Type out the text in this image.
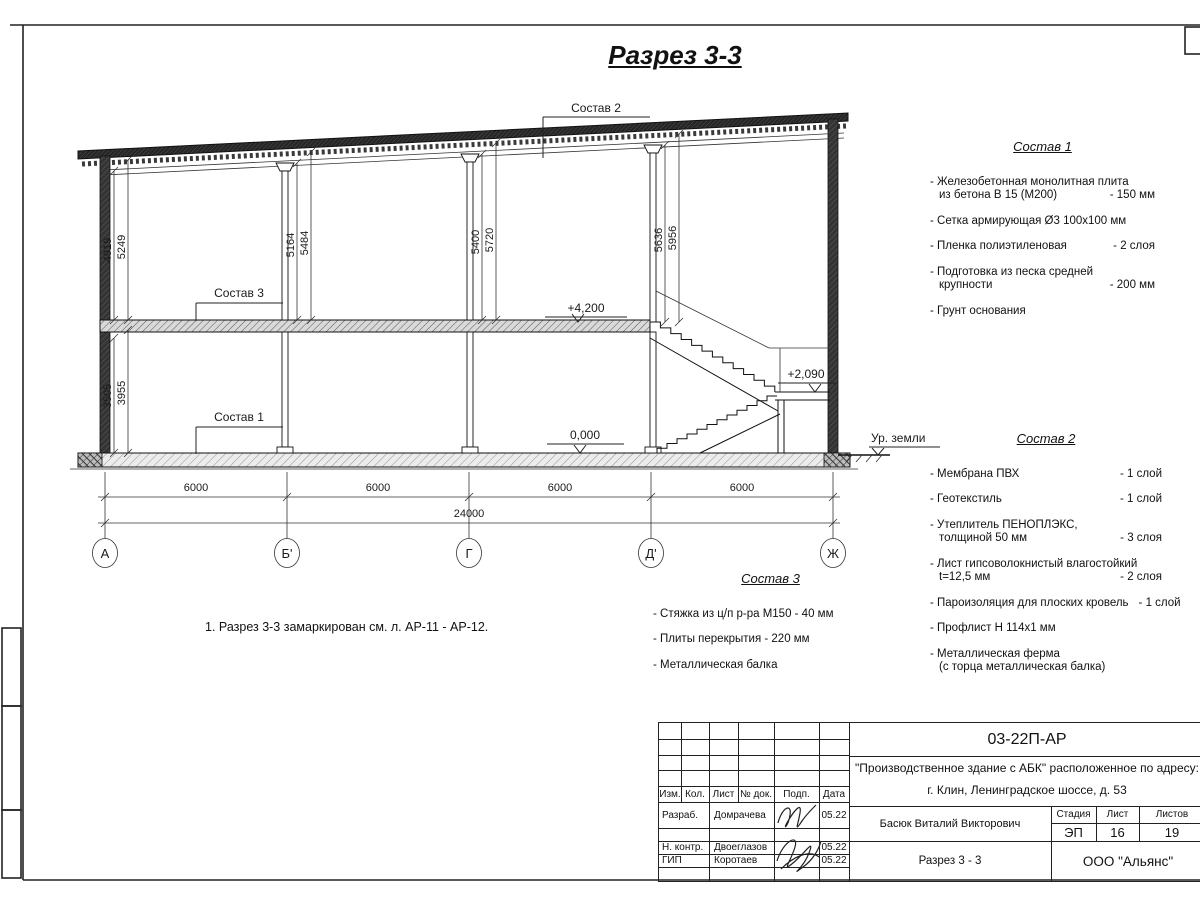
4919 5249
3505 3955
5164 5484	5400 5720	5636 5956
+4,200
0,000
+2,090
Ур. земли
Состав 2
Состав 3
Состав 1
6000	6000	6000	6000
24000
А	Б'	Г	Д'	Ж
Разрез 3-3
Состав 1
- Железобетонная монолитная плита
из бетона В 15 (М200)	- 150 мм
- Сетка армирующая Ø3 100х100 мм
- Пленка полиэтиленовая	- 2 слоя
- Подготовка из песка средней
крупности	- 200 мм
- Грунт основания
Состав 2
- Мембрана ПВХ	- 1 слой
- Геотекстиль	- 1 слой
- Утеплитель ПЕНОПЛЭКС,
толщиной 50 мм	- 3 слоя
- Лист гипсоволокнистый влагостойкий
t=12,5 мм	- 2 слоя
- Пароизоляция для плоских кровель - 1 слой
- Профлист Н 114х1 мм
- Металлическая ферма
(с торца металлическая балка)
Состав 3
- Стяжка из ц/п р-ра М150 - 40 мм
- Плиты перекрытия - 220 мм
- Металлическая балка
1. Разрез 3-3 замаркирован см. л. АР-11 - АР-12.
Изм. Кол. Лист № док.	Подп.	Дата
Разраб.	Домрачева	05.22
Н. контр.	Двоеглазов	05.22
ГИП	Коротаев	05.22
03-22П-АР
"Производственное здание с АБК" расположенное по адресу:
г. Клин, Ленинградское шоссе, д. 53
Басюк Виталий Викторович
Разрез 3 - 3
Стадия	Лист	Листов
ЭП	16	19
ООО "Альянс"
